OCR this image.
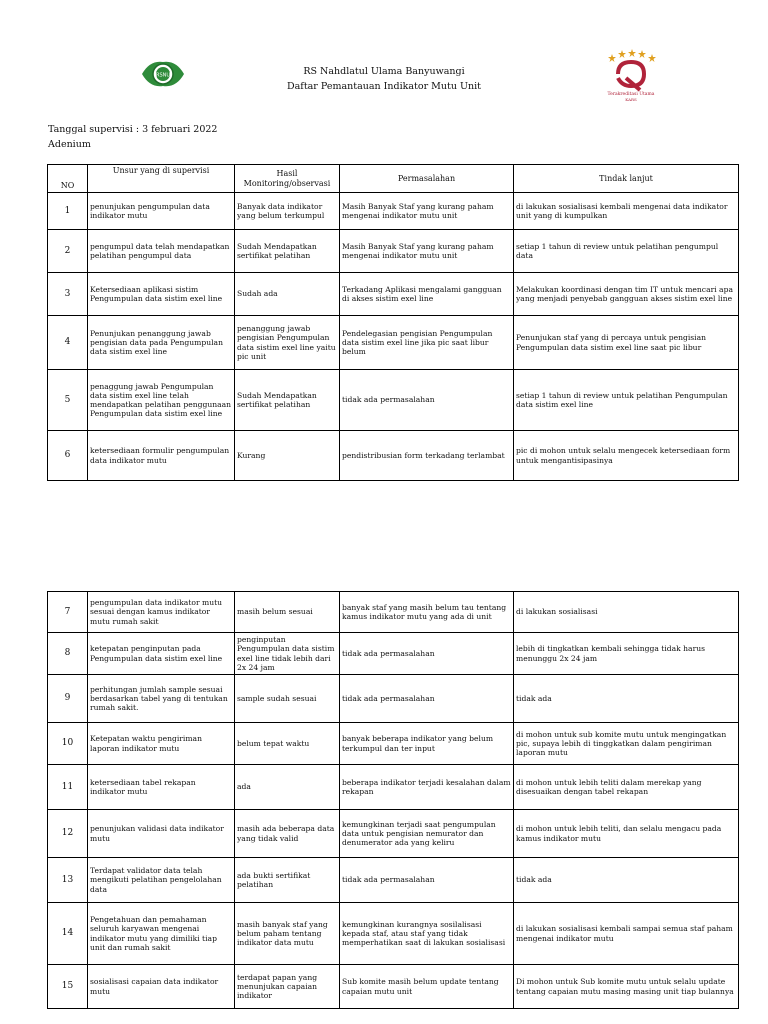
RSNU
Terakreditasi Utama
KARS
RS Nahdlatul Ulama Banyuwangi
Daftar Pemantauan Indikator Mutu Unit
Tanggal supervisi : 3 februari 2022
Adenium
NO	Unsur yang di supervisi	Hasil Monitoring/observasi	Permasalahan	Tindak lanjut

1	penunjukan pengumpulan data indikator mutu	Banyak data indikator yang belum terkumpul	Masih Banyak Staf yang kurang paham mengenai indikator mutu unit	di lakukan sosialisasi kembali mengenai data indikator unit yang di kumpulkan

2	pengumpul data telah mendapatkan pelatihan pengumpul data	Sudah Mendapatkan sertifikat pelatihan	Masih Banyak Staf yang kurang paham mengenai indikator mutu unit	setiap 1 tahun di review untuk pelatihan pengumpul data

3	Ketersediaan aplikasi sistim Pengumpulan data sistim exel line	Sudah ada	Terkadang Aplikasi mengalami gangguan di akses sistim exel line	Melakukan koordinasi dengan tim IT untuk mencari apa yang menjadi penyebab gangguan akses sistim exel line

4	Penunjukan penanggung jawab pengisian data pada Pengumpulan data sistim exel line	penanggung jawab pengisian Pengumpulan data sistim exel line yaitu pic unit	Pendelegasian pengisian Pengumpulan data sistim exel line jika pic saat libur belum	Penunjukan staf yang di percaya untuk pengisian Pengumpulan data sistim exel line saat pic libur

5	penaggung jawab Pengumpulan data sistim exel line telah mendapatkan pelatihan penggunaan Pengumpulan data sistim exel line	Sudah Mendapatkan sertifikat pelatihan	tidak ada permasalahan	setiap 1 tahun di review untuk pelatihan Pengumpulan data sistim exel line

6	ketersediaan formulir pengumpulan data indikator mutu	Kurang	pendistribusian form terkadang terlambat	pic di mohon untuk selalu mengecek ketersediaan form untuk mengantisipasinya
7	pengumpulan data indikator mutu sesuai dengan kamus indikator mutu rumah sakit	masih belum sesuai	banyak staf yang masih belum tau tentang kamus indikator mutu yang ada di unit	di lakukan sosialisasi

8	ketepatan penginputan pada Pengumpulan data sistim exel line	penginputan Pengumpulan data sistim exel line tidak lebih dari 2x 24 jam	tidak ada permasalahan	lebih di tingkatkan kembali sehingga tidak harus menunggu 2x 24 jam

9	perhitungan jumlah sample sesuai berdasarkan tabel yang di tentukan rumah sakit.	sample sudah sesuai	tidak ada permasalahan	tidak ada

10	Ketepatan waktu pengiriman laporan indikator mutu	belum tepat waktu	banyak beberapa indikator yang belum terkumpul dan ter input	di mohon untuk sub komite mutu untuk mengingatkan pic, supaya lebih di tinggkatkan dalam pengiriman laporan mutu

11	ketersediaan tabel rekapan indikator mutu	ada	beberapa indikator terjadi kesalahan dalam rekapan	di mohon untuk lebih teliti dalam merekap yang disesuaikan dengan tabel rekapan

12	penunjukan validasi data indikator mutu	masih ada beberapa data yang tidak valid	kemungkinan terjadi saat pengumpulan data untuk pengisian nemurator dan denumerator ada yang keliru	di mohon untuk lebih teliti, dan selalu mengacu pada kamus indikator mutu

13	Terdapat validator data telah mengikuti pelatihan pengelolahan data	ada bukti sertifikat pelatihan	tidak ada permasalahan	tidak ada

14	Pengetahuan dan pemahaman seluruh karyawan mengenai indikator mutu yang dimiliki tiap unit dan rumah sakit	masih banyak staf yang belum paham tentang indikator data mutu	kemungkinan kurangnya sosilalisasi kepada staf, atau staf yang tidak memperhatikan saat di lakukan sosialisasi	di lakukan sosialisasi kembali sampai semua staf paham mengenai indikator mutu

15	sosialisasi capaian data indikator mutu	terdapat papan yang menunjukan capaian indikator	Sub komite masih belum update tentang capaian mutu unit	Di mohon untuk Sub komite mutu untuk selalu update tentang capaian mutu masing masing unit tiap bulannya
